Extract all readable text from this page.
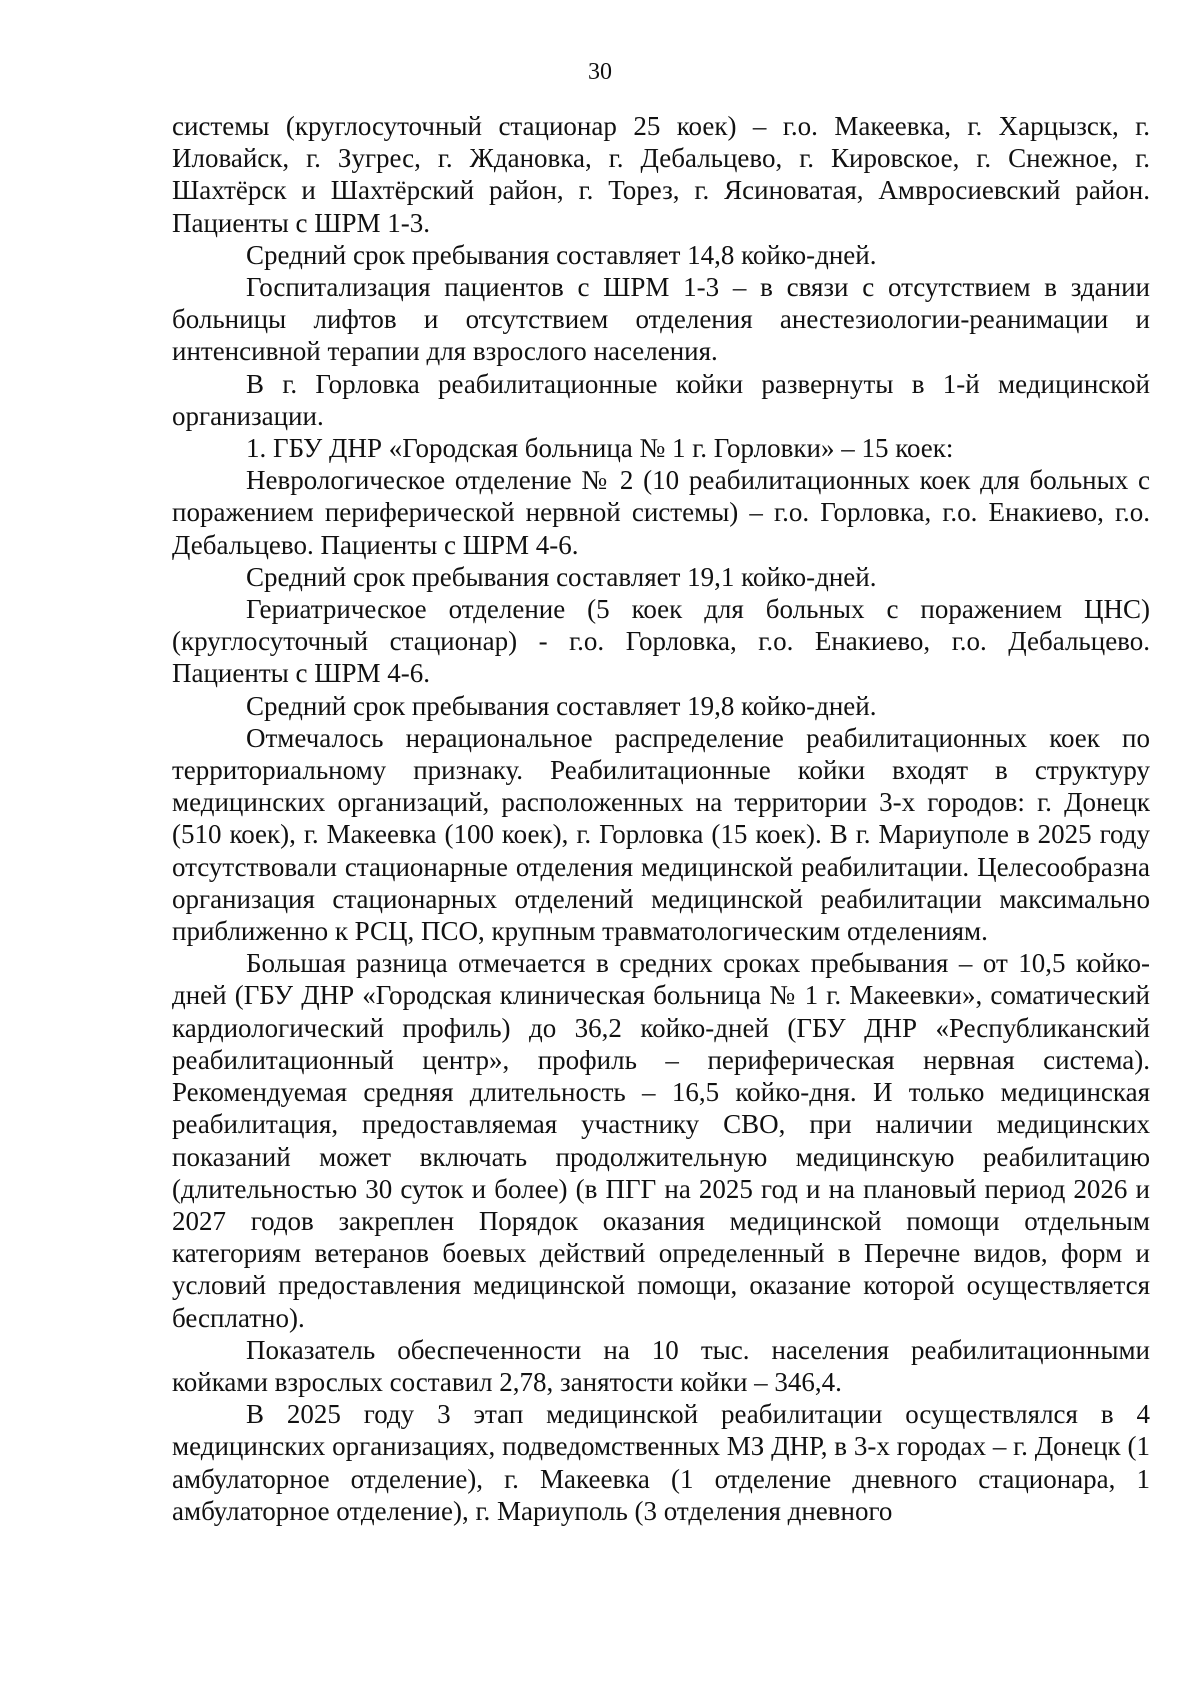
30

системы (круглосуточный стационар 25 коек) – г.о. Макеевка, г. Харцызск, г. Иловайск, г. Зугрес, г. Ждановка, г. Дебальцево, г. Кировское, г. Снежное, г. Шахтёрск и Шахтёрский район, г. Торез, г. Ясиноватая, Амвросиевский район. Пациенты с ШРМ 1-3.

Средний срок пребывания составляет 14,8 койко-дней.

Госпитализация пациентов с ШРМ 1-3 – в связи с отсутствием в здании больницы лифтов и отсутствием отделения анестезиологии-реанимации и интенсивной терапии для взрослого населения.

В г. Горловка реабилитационные койки развернуты в 1-й медицинской организации.

1. ГБУ ДНР «Городская больница № 1 г. Горловки» – 15 коек:

Неврологическое отделение № 2 (10 реабилитационных коек для больных с поражением периферической нервной системы) – г.о. Горловка, г.о. Енакиево, г.о. Дебальцево. Пациенты с ШРМ 4-6.

Средний срок пребывания составляет 19,1 койко-дней.

Гериатрическое отделение (5 коек для больных с поражением ЦНС) (круглосуточный стационар) - г.о. Горловка, г.о. Енакиево, г.о. Дебальцево. Пациенты с ШРМ 4-6.

Средний срок пребывания составляет 19,8 койко-дней.

Отмечалось нерациональное распределение реабилитационных коек по территориальному признаку. Реабилитационные койки входят в структуру медицинских организаций, расположенных на территории 3-х городов: г. Донецк (510 коек), г. Макеевка (100 коек), г. Горловка (15 коек). В г. Мариуполе в 2025 году отсутствовали стационарные отделения медицинской реабилитации. Целесообразна организация стационарных отделений медицинской реабилитации максимально приближенно к РСЦ, ПСО, крупным травматологическим отделениям.

Большая разница отмечается в средних сроках пребывания – от 10,5 койко-дней (ГБУ ДНР «Городская клиническая больница № 1 г. Макеевки», соматический кардиологический профиль) до 36,2 койко-дней (ГБУ ДНР «Республиканский реабилитационный центр», профиль – периферическая нервная система). Рекомендуемая средняя длительность – 16,5 койко-дня. И только медицинская реабилитация, предоставляемая участнику СВО, при наличии медицинских показаний может включать продолжительную медицинскую реабилитацию (длительностью 30 суток и более) (в ПГГ на 2025 год и на плановый период 2026 и 2027 годов закреплен Порядок оказания медицинской помощи отдельным категориям ветеранов боевых действий определенный в Перечне видов, форм и условий предоставления медицинской помощи, оказание которой осуществляется бесплатно).

Показатель обеспеченности на 10 тыс. населения реабилитационными койками взрослых составил 2,78, занятости койки – 346,4.

В 2025 году 3 этап медицинской реабилитации осуществлялся в 4 медицинских организациях, подведомственных МЗ ДНР, в 3-х городах – г. Донецк (1 амбулаторное отделение), г. Макеевка (1 отделение дневного стационара, 1 амбулаторное отделение), г. Мариуполь (3 отделения дневного
